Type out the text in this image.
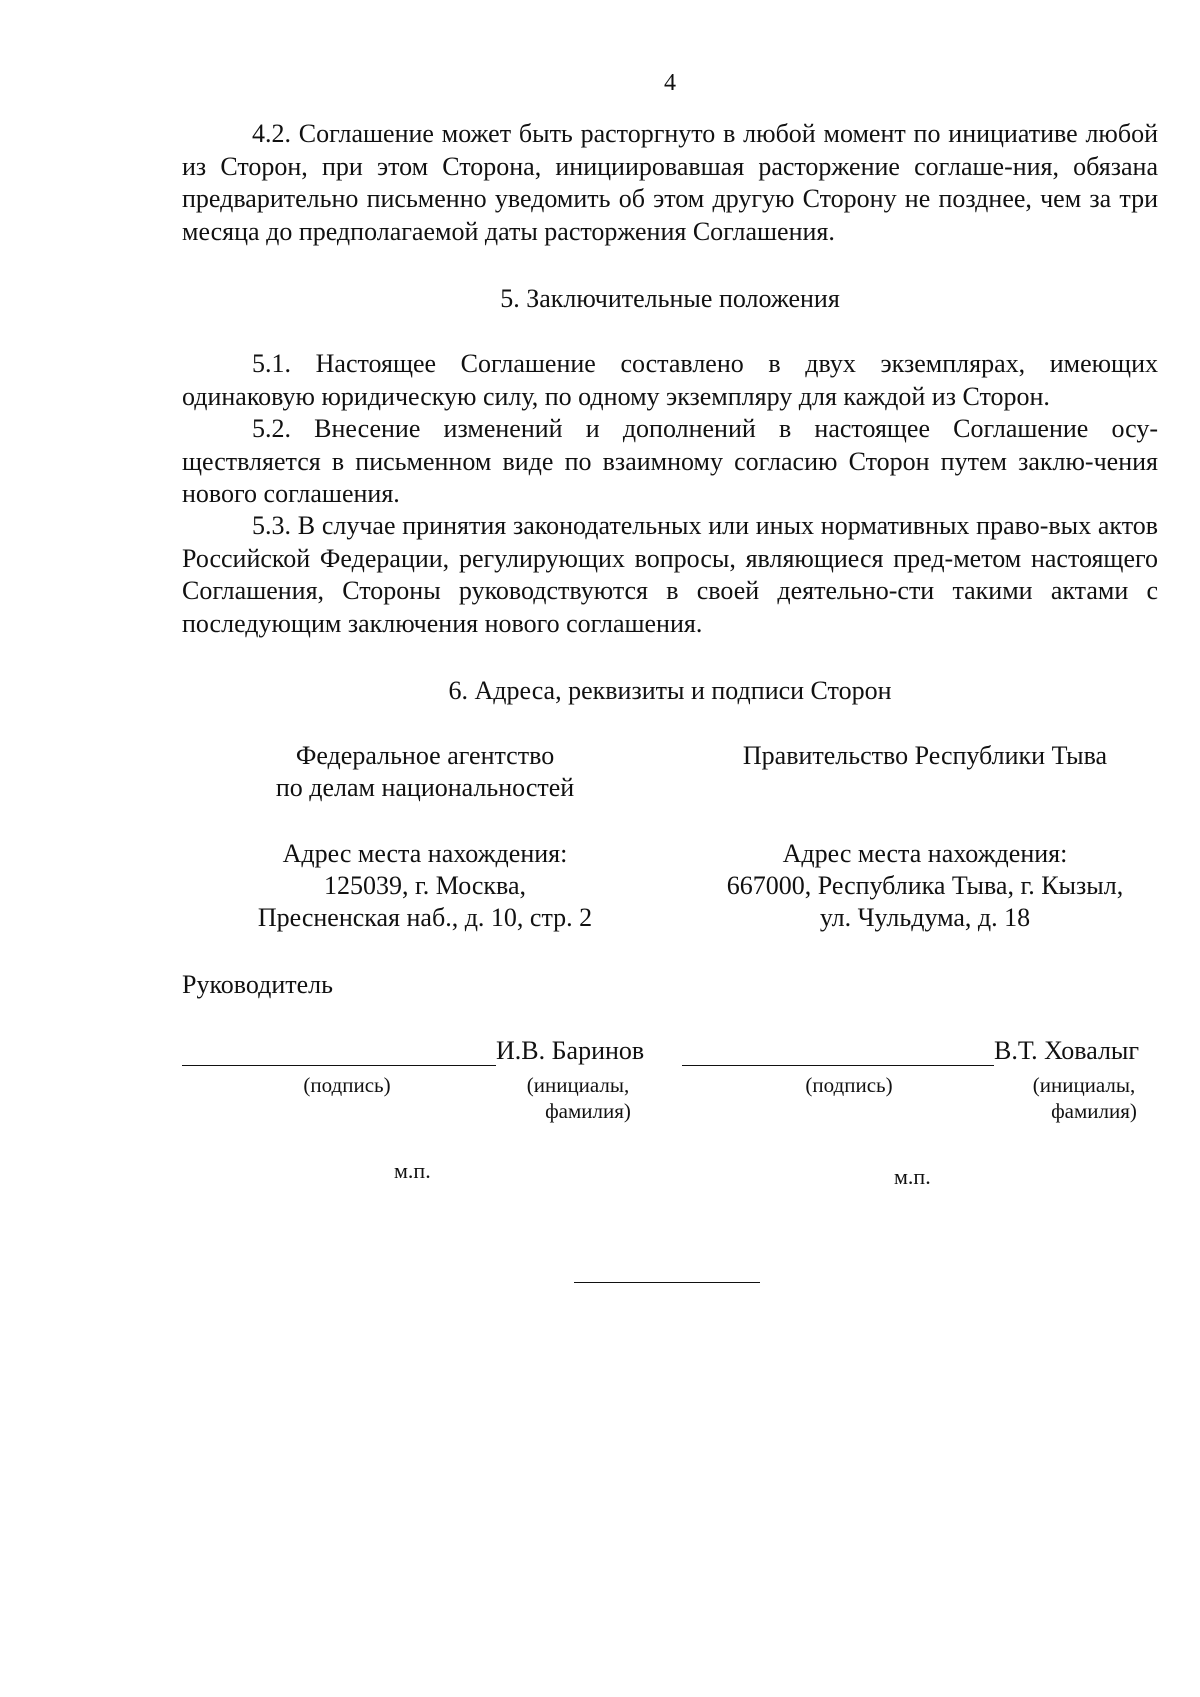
4
4.2. Соглашение может быть расторгнуто в любой момент по инициативе любой из Сторон, при этом Сторона, инициировавшая расторжение соглаше-ния, обязана предварительно письменно уведомить об этом другую Сторону не позднее, чем за три месяца до предполагаемой даты расторжения Соглашения.
5. Заключительные положения
5.1. Настоящее Соглашение составлено в двух экземплярах, имеющих одинаковую юридическую силу, по одному экземпляру для каждой из Сторон.
5.2. Внесение изменений и дополнений в настоящее Соглашение осу-ществляется в письменном виде по взаимному согласию Сторон путем заклю-чения нового соглашения.
5.3. В случае принятия законодательных или иных нормативных право-вых актов Российской Федерации, регулирующих вопросы, являющиеся пред-метом настоящего Соглашения, Стороны руководствуются в своей деятельно-сти такими актами с последующим заключения нового соглашения.
6. Адреса, реквизиты и подписи Сторон
Федеральное агентство
по делам национальностей
Правительство Республики Тыва
Адрес места нахождения:
125039, г. Москва,
Пресненская наб., д. 10, стр. 2
Адрес места нахождения:
667000, Республика Тыва, г. Кызыл,
ул. Чульдума, д. 18
Руководитель
И.В. Баринов
(подпись)	(инициалы,
фамилия)
м.п.
В.Т. Ховалыг
(подпись)	(инициалы,
фамилия)
м.п.
